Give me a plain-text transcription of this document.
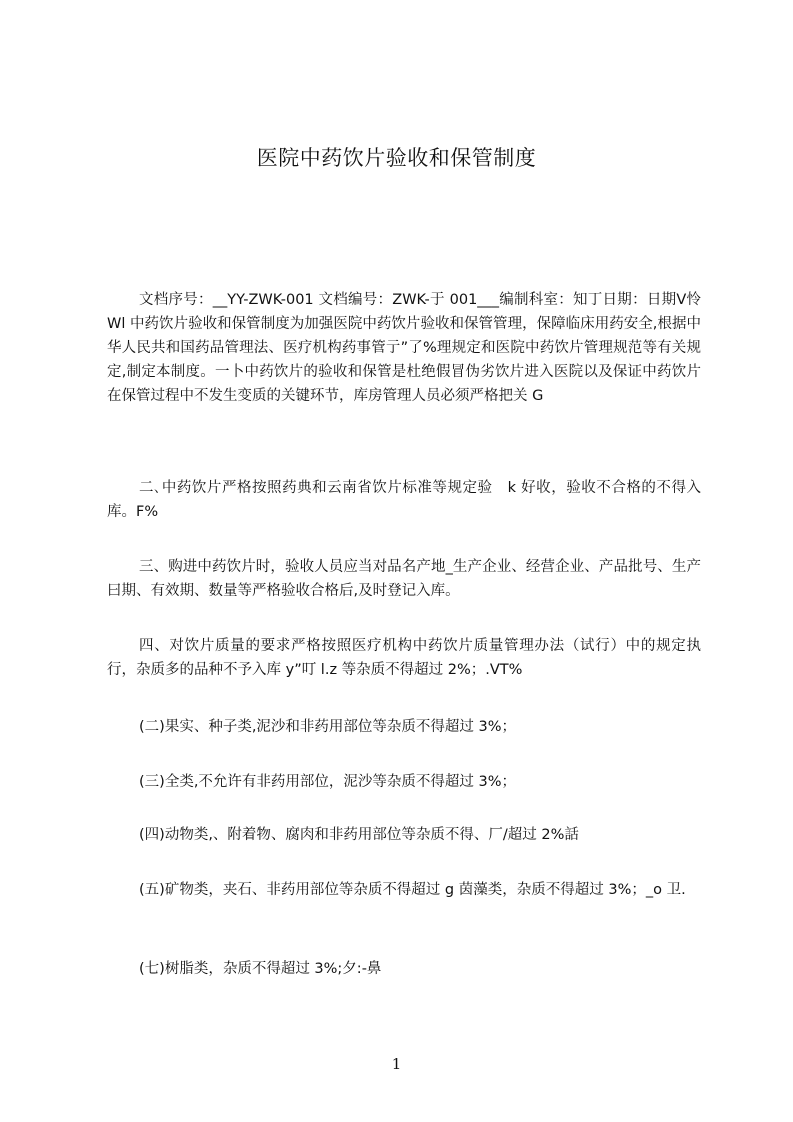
医院中药饮片验收和保管制度

文档序号：__YY-ZWK-001 文档编号：ZWK-于 001___编制科室：知丁日期：日期Ⅴ怜 Wl 中药饮片验收和保管制度为加强医院中药饮片验收和保管管理，保障临床用药安全,根据中华人民共和国药品管理法、医疗机构药事管亍”了%理规定和医院中药饮片管理规范等有关规定,制定本制度。一卜中药饮片的验收和保管是杜绝假冒伪劣饮片进入医院以及保证中药饮片在保管过程中不发生变质的关键环节，库房管理人员必须严格把关 G

二､中药饮片严格按照药典和云南省饮片标准等规定验　k 好收，验收不合格的不得入库。F%

三、购进中药饮片时，验收人员应当对品名产地_生产企业、经营企业、产品批号、生产曰期、有效期、数量等严格验收合格后,及时登记入库。

四、对饮片质量的要求严格按照医疗机构中药饮片质量管理办法（试行）中的规定执行，杂质多的品种不予入库 y”叮 l.z 等杂质不得超过 2%；.VT%

(二)果实、种子类,泥沙和非药用部位等杂质不得超过 3%；

(三)全类,不允许有非药用部位，泥沙等杂质不得超过 3%；

(四)动物类,、附着物、腐肉和非药用部位等杂质不得、厂/超过 2%話

(五)矿物类，夹石、非药用部位等杂质不得超过 g 茵藻类，杂质不得超过 3%；_o 卫.

(七)树脂类，杂质不得超过 3%;夕:-鼻

1
